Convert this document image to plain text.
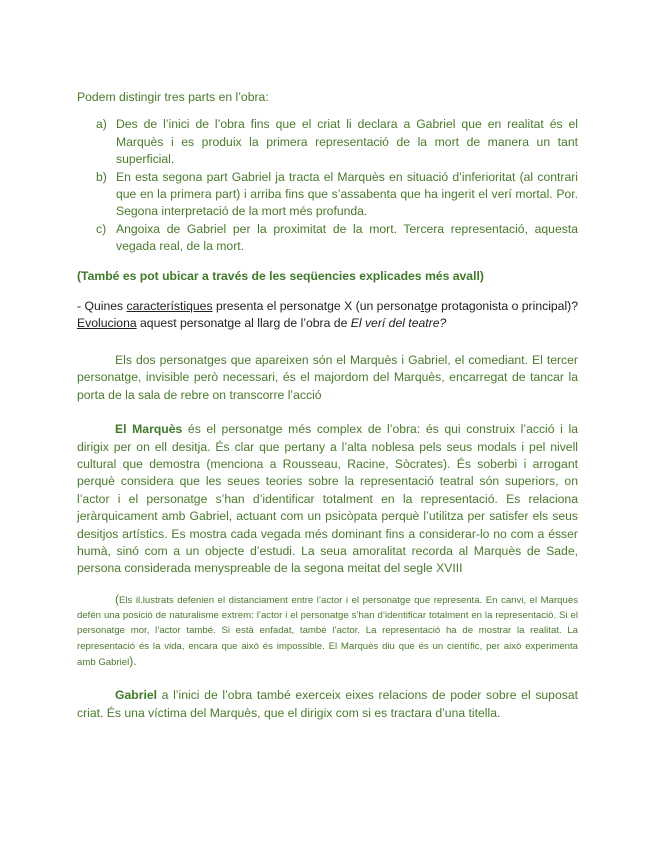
Podem distingir tres parts en l’obra:

a) Des de l’inici de l’obra fins que el criat li declara a Gabriel que en realitat és el Marquès i es produix la primera representació de la mort de manera un tant superficial.
b) En esta segona part Gabriel ja tracta el Marquès en situació d’inferioritat (al contrari que en la primera part) i arriba fins que s’assabenta que ha ingerit el verí mortal. Por. Segona interpretació de la mort més profunda.
c) Angoixa de Gabriel per la proximitat de la mort. Tercera representació, aquesta vegada real, de la mort.

(També es pot ubicar a través de les seqüencies explicades més avall)

- Quines característiques presenta el personatge X (un personatge protagonista o principal)? Evoluciona aquest personatge al llarg de l’obra de El verí del teatre?

Els dos personatges que apareixen són el Marquès i Gabriel, el comediant. El tercer personatge, invisible però necessari, és el majordom del Marquès, encarregat de tancar la porta de la sala de rebre on transcorre l’acció

El Marquès és el personatge més complex de l’obra: és qui construix l’acció i la dirigix per on ell desitja. És clar que pertany a l’alta noblesa pels seus modals i pel nivell cultural que demostra (menciona a Rousseau, Racine, Sòcrates). És soberbi i arrogant perquè considera que les seues teories sobre la representació teatral són superiors, on l’actor i el personatge s’han d’identificar totalment en la representació. Es relaciona jeràrquicament amb Gabriel, actuant com un psicòpata perquè l’utilitza per satisfer els seus desitjos artístics. Es mostra cada vegada més dominant fins a considerar-lo no com a ésser humà, sinó com a un objecte d’estudi. La seua amoralitat recorda al Marquès de Sade, persona considerada menyspreable de la segona meitat del segle XVIII

(Els il.lustrats defenien el distanciament entre l’actor i el personatge que representa. En canvi, el Marquès defèn una posició de naturalisme extrem: l’actor i el personatge s’han d’identificar totalment en la representació. Si el personatge mor, l’actor també. Si està enfadat, també l’actor. La representació ha de mostrar la realitat. La representació és la vida, encara que això és impossible. El Marquès diu que és un científic, per això experimenta amb Gabriel).

Gabriel a l’inici de l’obra també exerceix eixes relacions de poder sobre el suposat criat. És una víctima del Marquès, que el dirigix com si es tractara d’una titella.
